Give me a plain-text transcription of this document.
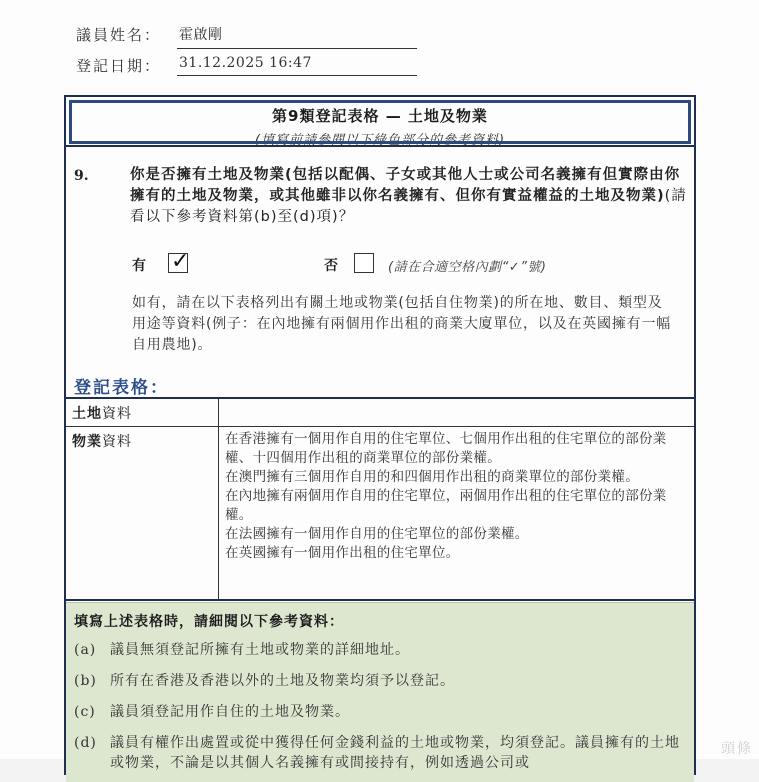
議員姓名： 霍啟剛
登記日期： 31.12.2025 16:47
第9類登記表格 — 土地及物業
(填寫前請參閱以下綠色部分的參考資料)
9.	你是否擁有土地及物業(包括以配偶、子女或其他人士或公司名義擁有但實際由你擁有的土地及物業，或其他雖非以你名義擁有、但你有實益權益的土地及物業)(請看以下參考資料第(b)至(d)項)？
有 ✓	否	(請在合適空格內劃“✓”號)
如有，請在以下表格列出有關土地或物業(包括自住物業)的所在地、數目、類型及用途等資料(例子：在內地擁有兩個用作出租的商業大廈單位，以及在英國擁有一幅自用農地)。
登記表格：
土地資料
物業資料	在香港擁有一個用作自用的住宅單位、七個用作出租的住宅單位的部份業權、十四個用作出租的商業單位的部份業權。
在澳門擁有三個用作自用的和四個用作出租的商業單位的部份業權。
在內地擁有兩個用作自用的住宅單位，兩個用作出租的住宅單位的部份業權。
在法國擁有一個用作自用的住宅單位的部份業權。
在英國擁有一個用作出租的住宅單位。
填寫上述表格時，請細閱以下參考資料：
(a) 議員無須登記所擁有土地或物業的詳細地址。
(b) 所有在香港及香港以外的土地及物業均須予以登記。
(c) 議員須登記用作自住的土地及物業。
(d) 議員有權作出處置或從中獲得任何金錢利益的土地或物業，均須登記。議員擁有的土地或物業，不論是以其個人名義擁有或間接持有，例如透過公司或
頭條
